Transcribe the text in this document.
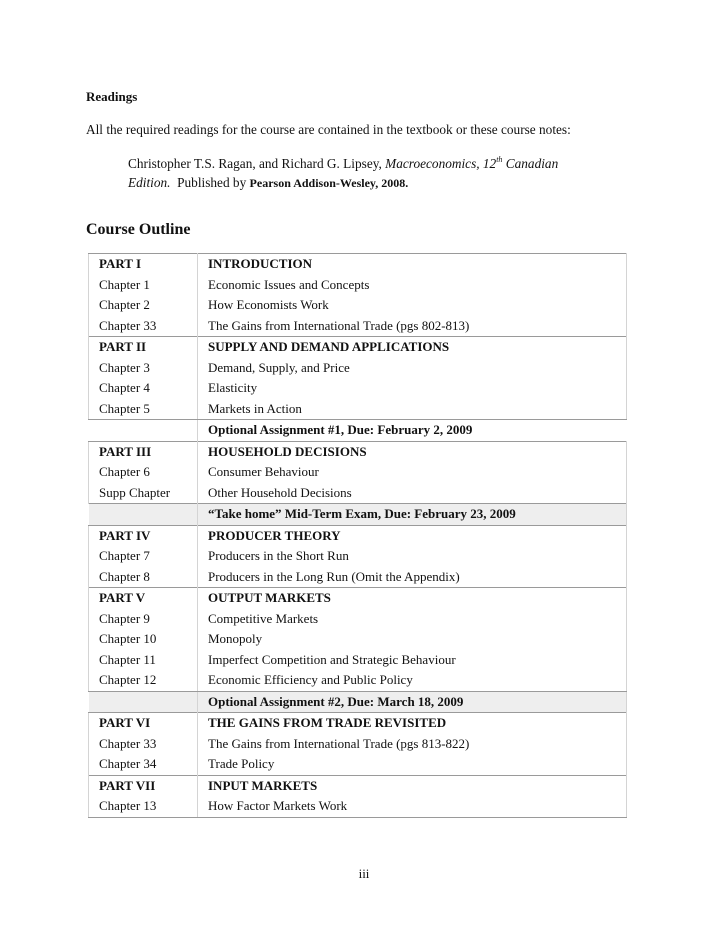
Readings
All the required readings for the course are contained in the textbook or these course notes:
Christopher T.S. Ragan, and Richard G. Lipsey, Macroeconomics, 12th Canadian
Edition. Published by Pearson Addison-Wesley, 2008.
Course Outline
PART I	INTRODUCTION
Chapter 1	Economic Issues and Concepts
Chapter 2	How Economists Work
Chapter 33	The Gains from International Trade (pgs 802-813)
PART II	SUPPLY AND DEMAND APPLICATIONS
Chapter 3	Demand, Supply, and Price
Chapter 4	Elasticity
Chapter 5	Markets in Action
	Optional Assignment #1, Due: February 2, 2009
PART III	HOUSEHOLD DECISIONS
Chapter 6	Consumer Behaviour
Supp Chapter	Other Household Decisions
	“Take home” Mid-Term Exam, Due: February 23, 2009
PART IV	PRODUCER THEORY
Chapter 7	Producers in the Short Run
Chapter 8	Producers in the Long Run (Omit the Appendix)
PART V	OUTPUT MARKETS
Chapter 9	Competitive Markets
Chapter 10	Monopoly
Chapter 11	Imperfect Competition and Strategic Behaviour
Chapter 12	Economic Efficiency and Public Policy
	Optional Assignment #2, Due: March 18, 2009
PART VI	THE GAINS FROM TRADE REVISITED
Chapter 33	The Gains from International Trade (pgs 813-822)
Chapter 34	Trade Policy
PART VII	INPUT MARKETS
Chapter 13	How Factor Markets Work
iii
